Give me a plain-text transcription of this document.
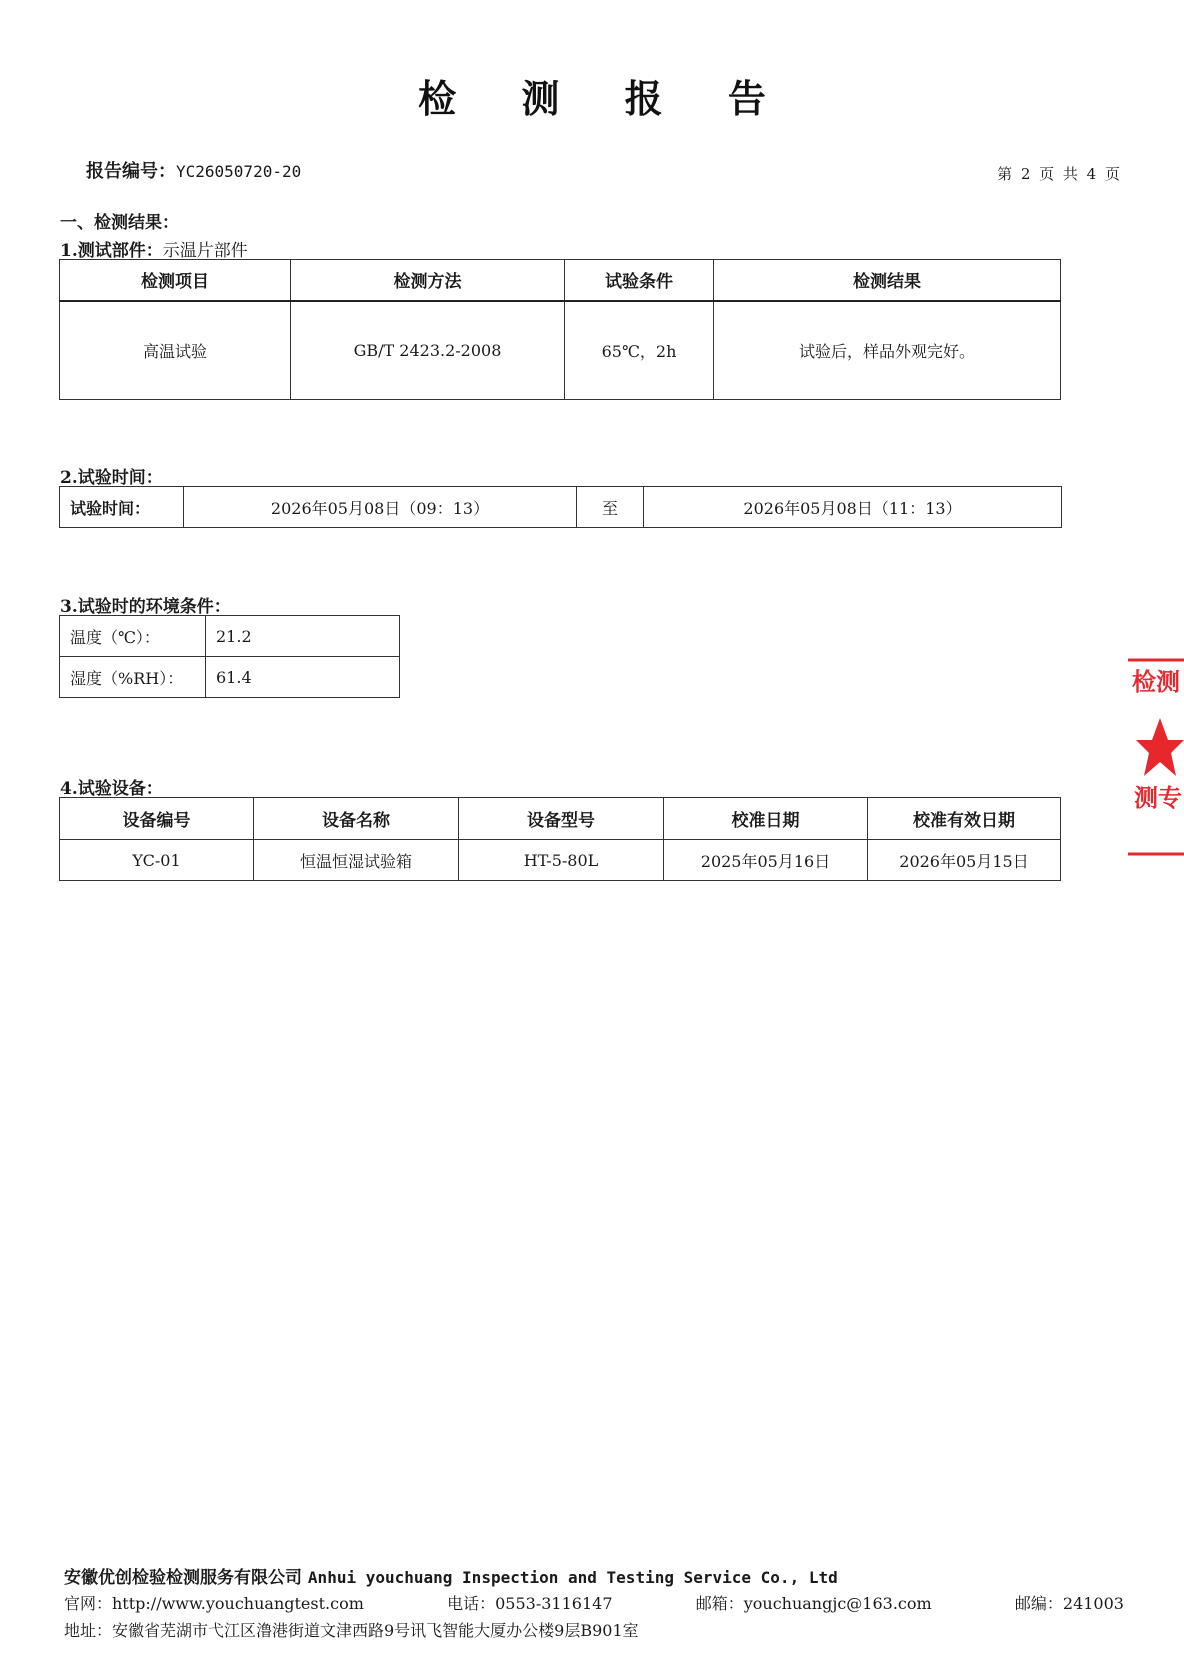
检 测 报 告
报告编号：YC26050720-20	第 2 页 共 4 页
一、检测结果：
1.测试部件：示温片部件
检测项目	检测方法	试验条件	检测结果
高温试验	GB/T 2423.2-2008	65℃，2h	试验后，样品外观完好。
2.试验时间：
试验时间：	2026年05月08日（09：13）	至	2026年05月08日（11：13）
3.试验时的环境条件：
温度（℃）：	21.2
湿度（%RH）：	61.4
4.试验设备：
设备编号	设备名称	设备型号	校准日期	校准有效日期
YC-01	恒温恒湿试验箱	HT-5-80L	2025年05月16日	2026年05月15日
检测
测专
安徽优创检验检测服务有限公司 Anhui youchuang Inspection and Testing Service Co., Ltd
官网：http://www.youchuangtest.com	电话：0553-3116147	邮箱：youchuangjc@163.com	邮编：241003
地址：安徽省芜湖市弋江区澛港街道文津西路9号讯飞智能大厦办公楼9层B901室
